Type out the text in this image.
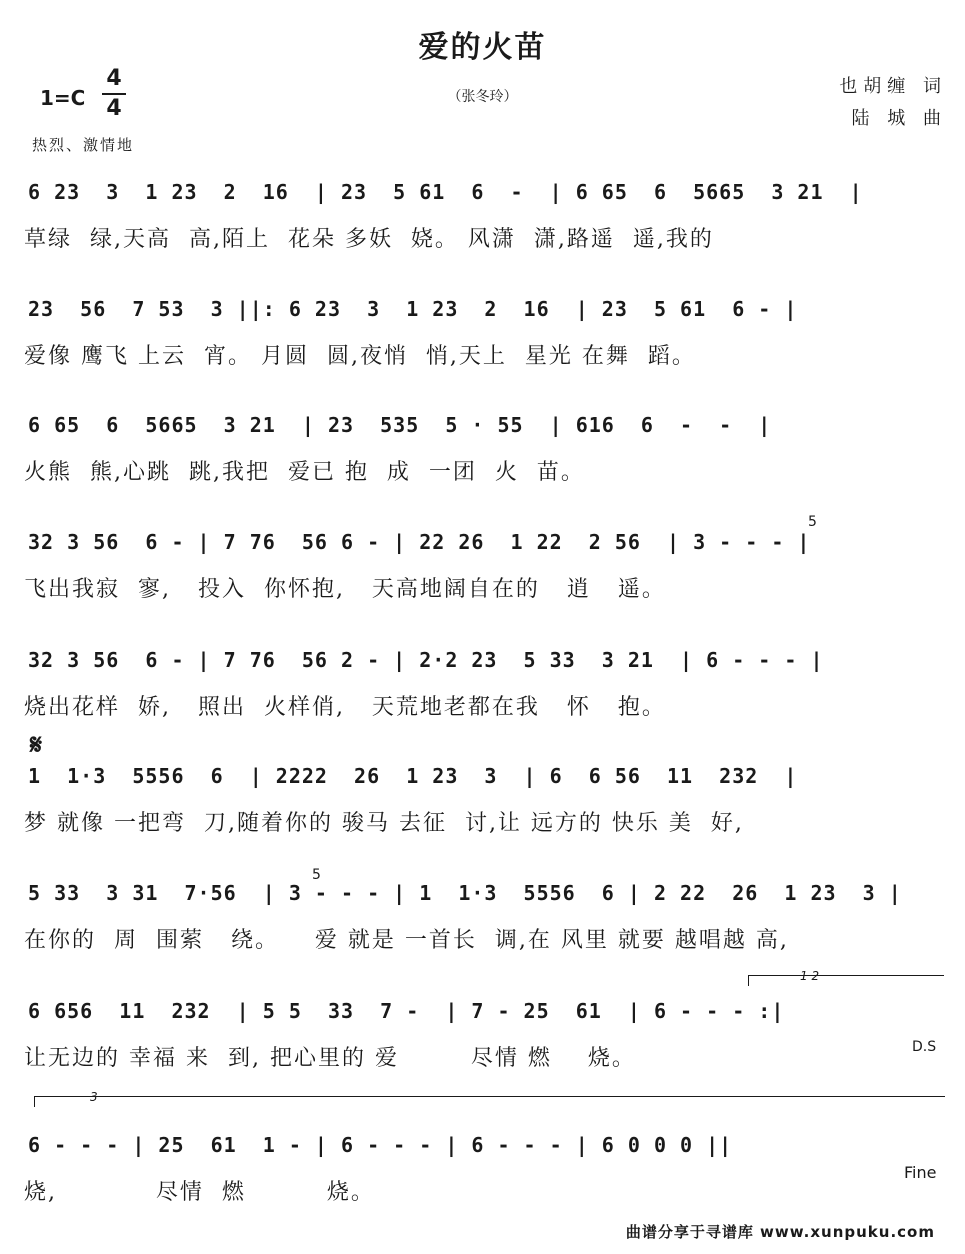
爱的火苗
1=C
4
4	（张冬玲）	也胡缠 词
陆 城 曲
热烈、激情地
6 23  3  1 23  2  16  | 23  5 61  6  -  | 6 65  6  5665  3 21  |
草绿  绿,天高  高,陌上  花朵 多妖  娆。 风潇  潇,路遥  遥,我的
23  56  7 53  3 ||: 6 23  3  1 23  2  16  | 23  5 61  6 - |
爱像 鹰飞 上云  宵。 月圆  圆,夜悄  悄,天上  星光 在舞  蹈。
6 65  6  5665  3 21  | 23  535  5 · 55  | 616  6  -  -  |
火熊  熊,心跳  跳,我把  爱已 抱  成  一团  火  苗。
32 3 56  6 - | 7 76  56 6 - | 22 26  1 22  2 56  | 3 - - - |
飞出我寂  寥,   投入  你怀抱,   天高地阔自在的   逍   遥。
5
32 3 56  6 - | 7 76  56 2 - | 2·2 23  5 33  3 21  | 6 - - - |
烧出花样  娇,   照出  火样俏,   天荒地老都在我   怀   抱。
𝄋
1  1·3  5556  6  | 2222  26  1 23  3  | 6  6 56  11  232  |
梦 就像 一把弯  刀,随着你的 骏马 去征  讨,让 远方的 快乐 美  好,
5 33  3 31  7·56  | 3 - - - | 1  1·3  5556  6 | 2 22  26  1 23  3 |
在你的  周  围萦   绕。    爱 就是 一首长  调,在 风里 就要 越唱越 高,
5
1 2
6 656  11  232  | 5 5  33  7 -  | 7 - 25  61  | 6 - - - :|
让无边的 幸福 来  到, 把心里的 爱        尽情 燃    烧。	D.S
3
6 - - - | 25  61  1 - | 6 - - - | 6 - - - | 6 0 0 0 ||
烧,           尽情  燃         烧。
Fine
曲谱分享于寻谱库 www.xunpuku.com
